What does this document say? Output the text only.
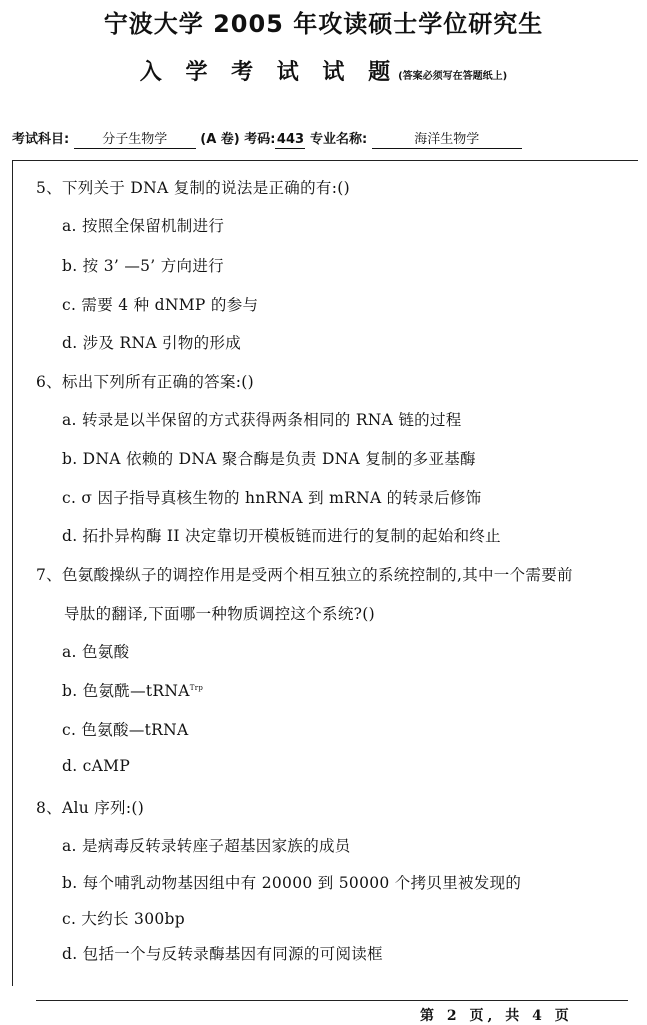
宁波大学 2005 年攻读硕士学位研究生
入 学 考 试 试 题(答案必须写在答题纸上)
考试科目:	分子生物学	(A 卷) 考码:443 专业名称:	海洋生物学
5、下列关于 DNA 复制的说法是正确的有:()
a. 按照全保留机制进行
b. 按 3’ —5’ 方向进行
c. 需要 4 种 dNMP 的参与
d. 涉及 RNA 引物的形成
6、标出下列所有正确的答案:()
a. 转录是以半保留的方式获得两条相同的 RNA 链的过程
b. DNA 依赖的 DNA 聚合酶是负责 DNA 复制的多亚基酶
c. σ 因子指导真核生物的 hnRNA 到 mRNA 的转录后修饰
d. 拓扑异构酶 II 决定靠切开模板链而进行的复制的起始和终止
7、色氨酸操纵子的调控作用是受两个相互独立的系统控制的,其中一个需要前
导肽的翻译,下面哪一种物质调控这个系统?()
a. 色氨酸
b. 色氨酰—tRNA$^{Trp}$
c. 色氨酸—tRNA
d. cAMP
8、Alu 序列:()
a. 是病毒反转录转座子超基因家族的成员
b. 每个哺乳动物基因组中有 20000 到 50000 个拷贝里被发现的
c. 大约长 300bp
d. 包括一个与反转录酶基因有同源的可阅读框
第 2 页, 共 4 页
